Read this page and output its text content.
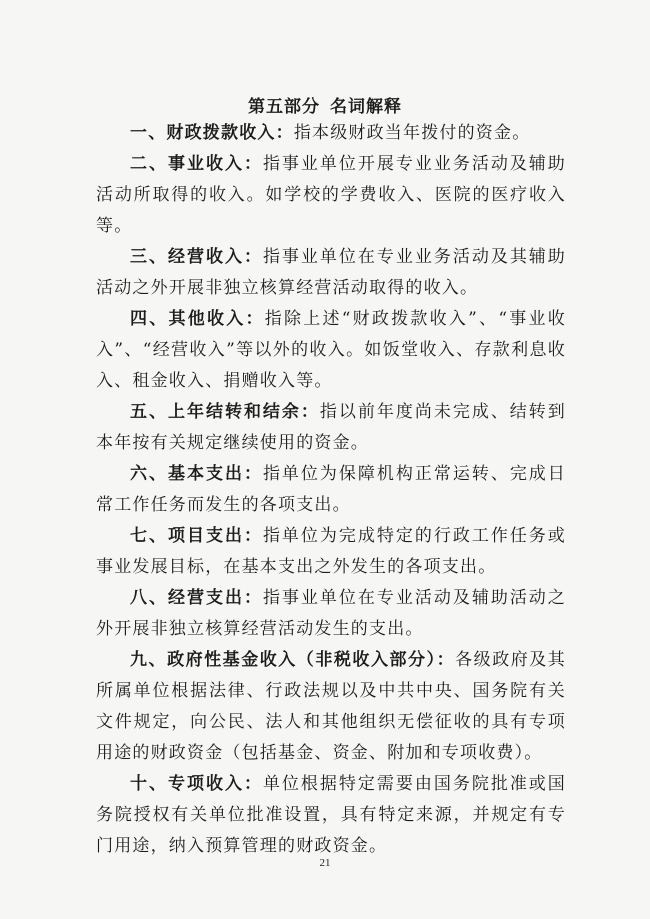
第五部分 名词解释

一、财政拨款收入：指本级财政当年拨付的资金。

二、事业收入：指事业单位开展专业业务活动及辅助活动所取得的收入。如学校的学费收入、医院的医疗收入等。

三、经营收入：指事业单位在专业业务活动及其辅助活动之外开展非独立核算经营活动取得的收入。

四、其他收入：指除上述“财政拨款收入”、“事业收入”、“经营收入”等以外的收入。如饭堂收入、存款利息收入、租金收入、捐赠收入等。

五、上年结转和结余：指以前年度尚未完成、结转到本年按有关规定继续使用的资金。

六、基本支出：指单位为保障机构正常运转、完成日常工作任务而发生的各项支出。

七、项目支出：指单位为完成特定的行政工作任务或事业发展目标，在基本支出之外发生的各项支出。

八、经营支出：指事业单位在专业活动及辅助活动之外开展非独立核算经营活动发生的支出。

九、政府性基金收入（非税收入部分）：各级政府及其所属单位根据法律、行政法规以及中共中央、国务院有关文件规定，向公民、法人和其他组织无偿征收的具有专项用途的财政资金（包括基金、资金、附加和专项收费）。

十、专项收入：单位根据特定需要由国务院批准或国务院授权有关单位批准设置，具有特定来源，并规定有专门用途，纳入预算管理的财政资金。

21
